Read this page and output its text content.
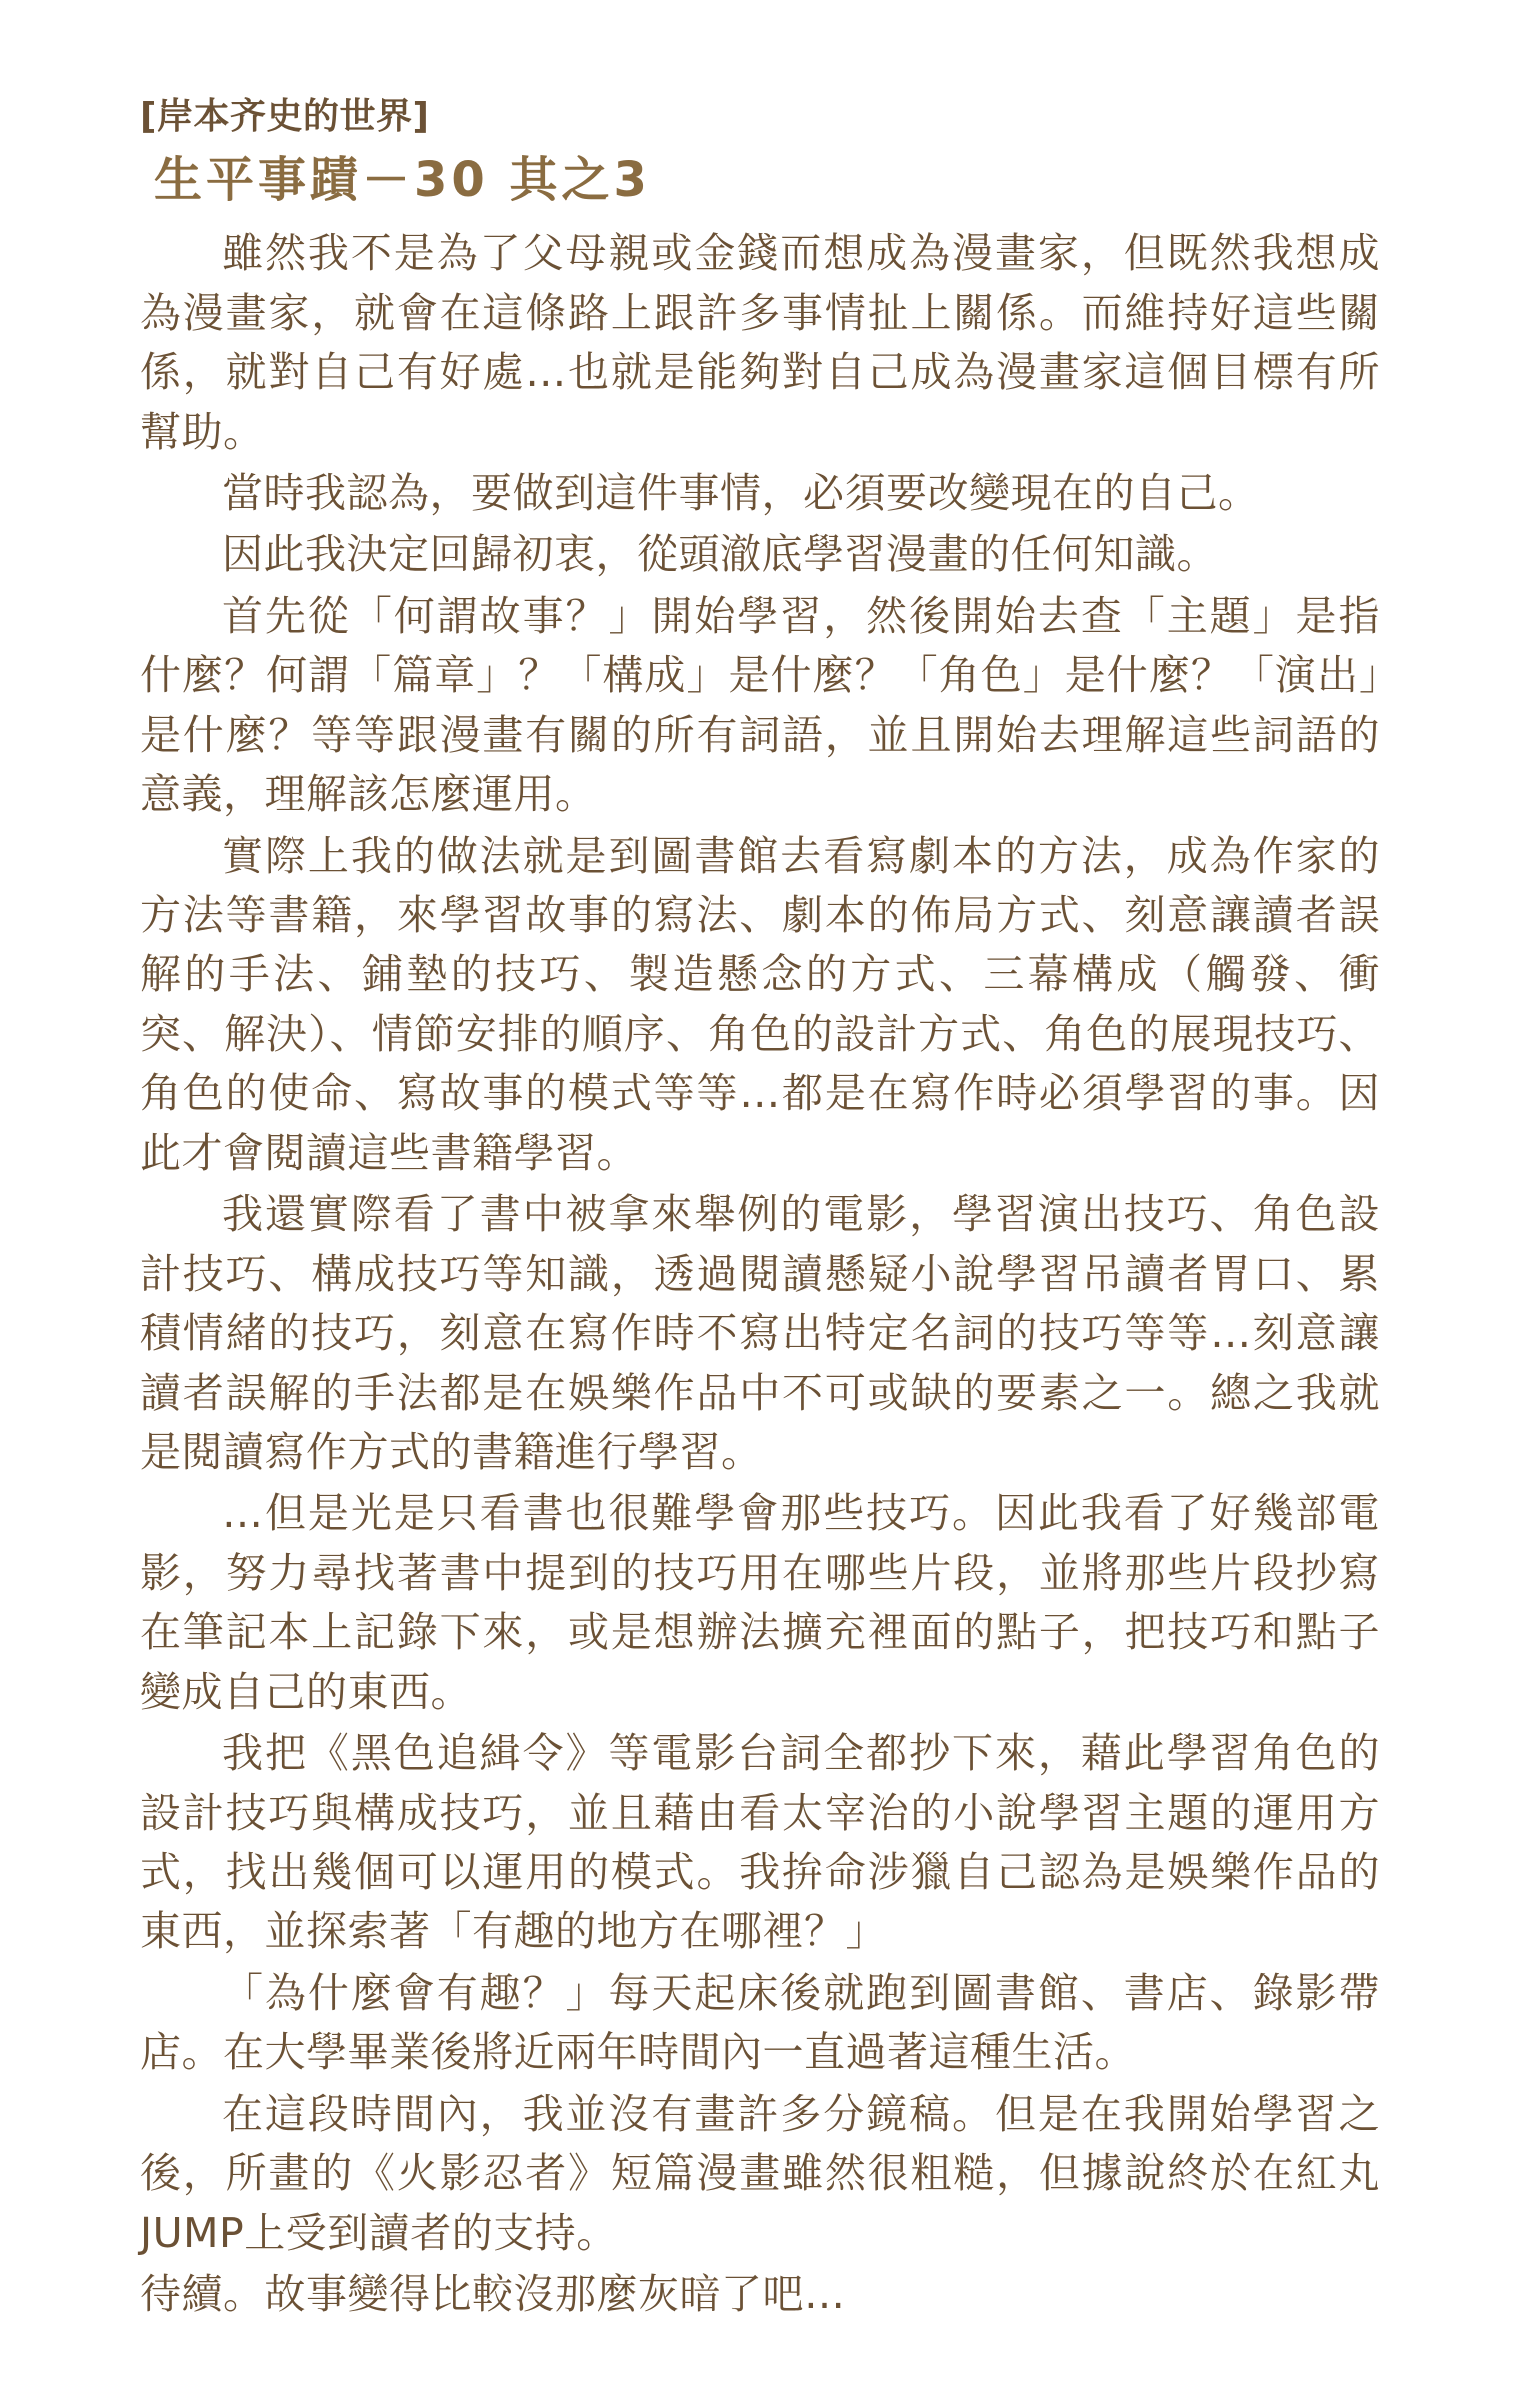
[岸本齐史的世界]
生平事蹟－30 其之3

雖然我不是為了父母親或金錢而想成為漫畫家，但既然我想成為漫畫家，就會在這條路上跟許多事情扯上關係。而維持好這些關係，就對自己有好處…也就是能夠對自己成為漫畫家這個目標有所幫助。

當時我認為，要做到這件事情，必須要改變現在的自己。

因此我決定回歸初衷，從頭澈底學習漫畫的任何知識。

首先從「何謂故事？」開始學習，然後開始去查「主題」是指什麼？何謂「篇章」？「構成」是什麼？「角色」是什麼？「演出」是什麼？等等跟漫畫有關的所有詞語，並且開始去理解這些詞語的意義，理解該怎麼運用。

實際上我的做法就是到圖書館去看寫劇本的方法，成為作家的方法等書籍，來學習故事的寫法、劇本的佈局方式、刻意讓讀者誤解的手法、鋪墊的技巧、製造懸念的方式、三幕構成（觸發、衝突、解決）、情節安排的順序、角色的設計方式、角色的展現技巧、角色的使命、寫故事的模式等等…都是在寫作時必須學習的事。因此才會閱讀這些書籍學習。

我還實際看了書中被拿來舉例的電影，學習演出技巧、角色設計技巧、構成技巧等知識，透過閱讀懸疑小說學習吊讀者胃口、累積情緒的技巧，刻意在寫作時不寫出特定名詞的技巧等等…刻意讓讀者誤解的手法都是在娛樂作品中不可或缺的要素之一。總之我就是閱讀寫作方式的書籍進行學習。

…但是光是只看書也很難學會那些技巧。因此我看了好幾部電影，努力尋找著書中提到的技巧用在哪些片段，並將那些片段抄寫在筆記本上記錄下來，或是想辦法擴充裡面的點子，把技巧和點子變成自己的東西。

我把《黑色追緝令》等電影台詞全都抄下來，藉此學習角色的設計技巧與構成技巧，並且藉由看太宰治的小說學習主題的運用方式，找出幾個可以運用的模式。我拚命涉獵自己認為是娛樂作品的東西，並探索著「有趣的地方在哪裡？」

「為什麼會有趣？」每天起床後就跑到圖書館、書店、錄影帶店。在大學畢業後將近兩年時間內一直過著這種生活。

在這段時間內，我並沒有畫許多分鏡稿。但是在我開始學習之後，所畫的《火影忍者》短篇漫畫雖然很粗糙，但據說終於在紅丸JUMP上受到讀者的支持。

待續。故事變得比較沒那麼灰暗了吧…
